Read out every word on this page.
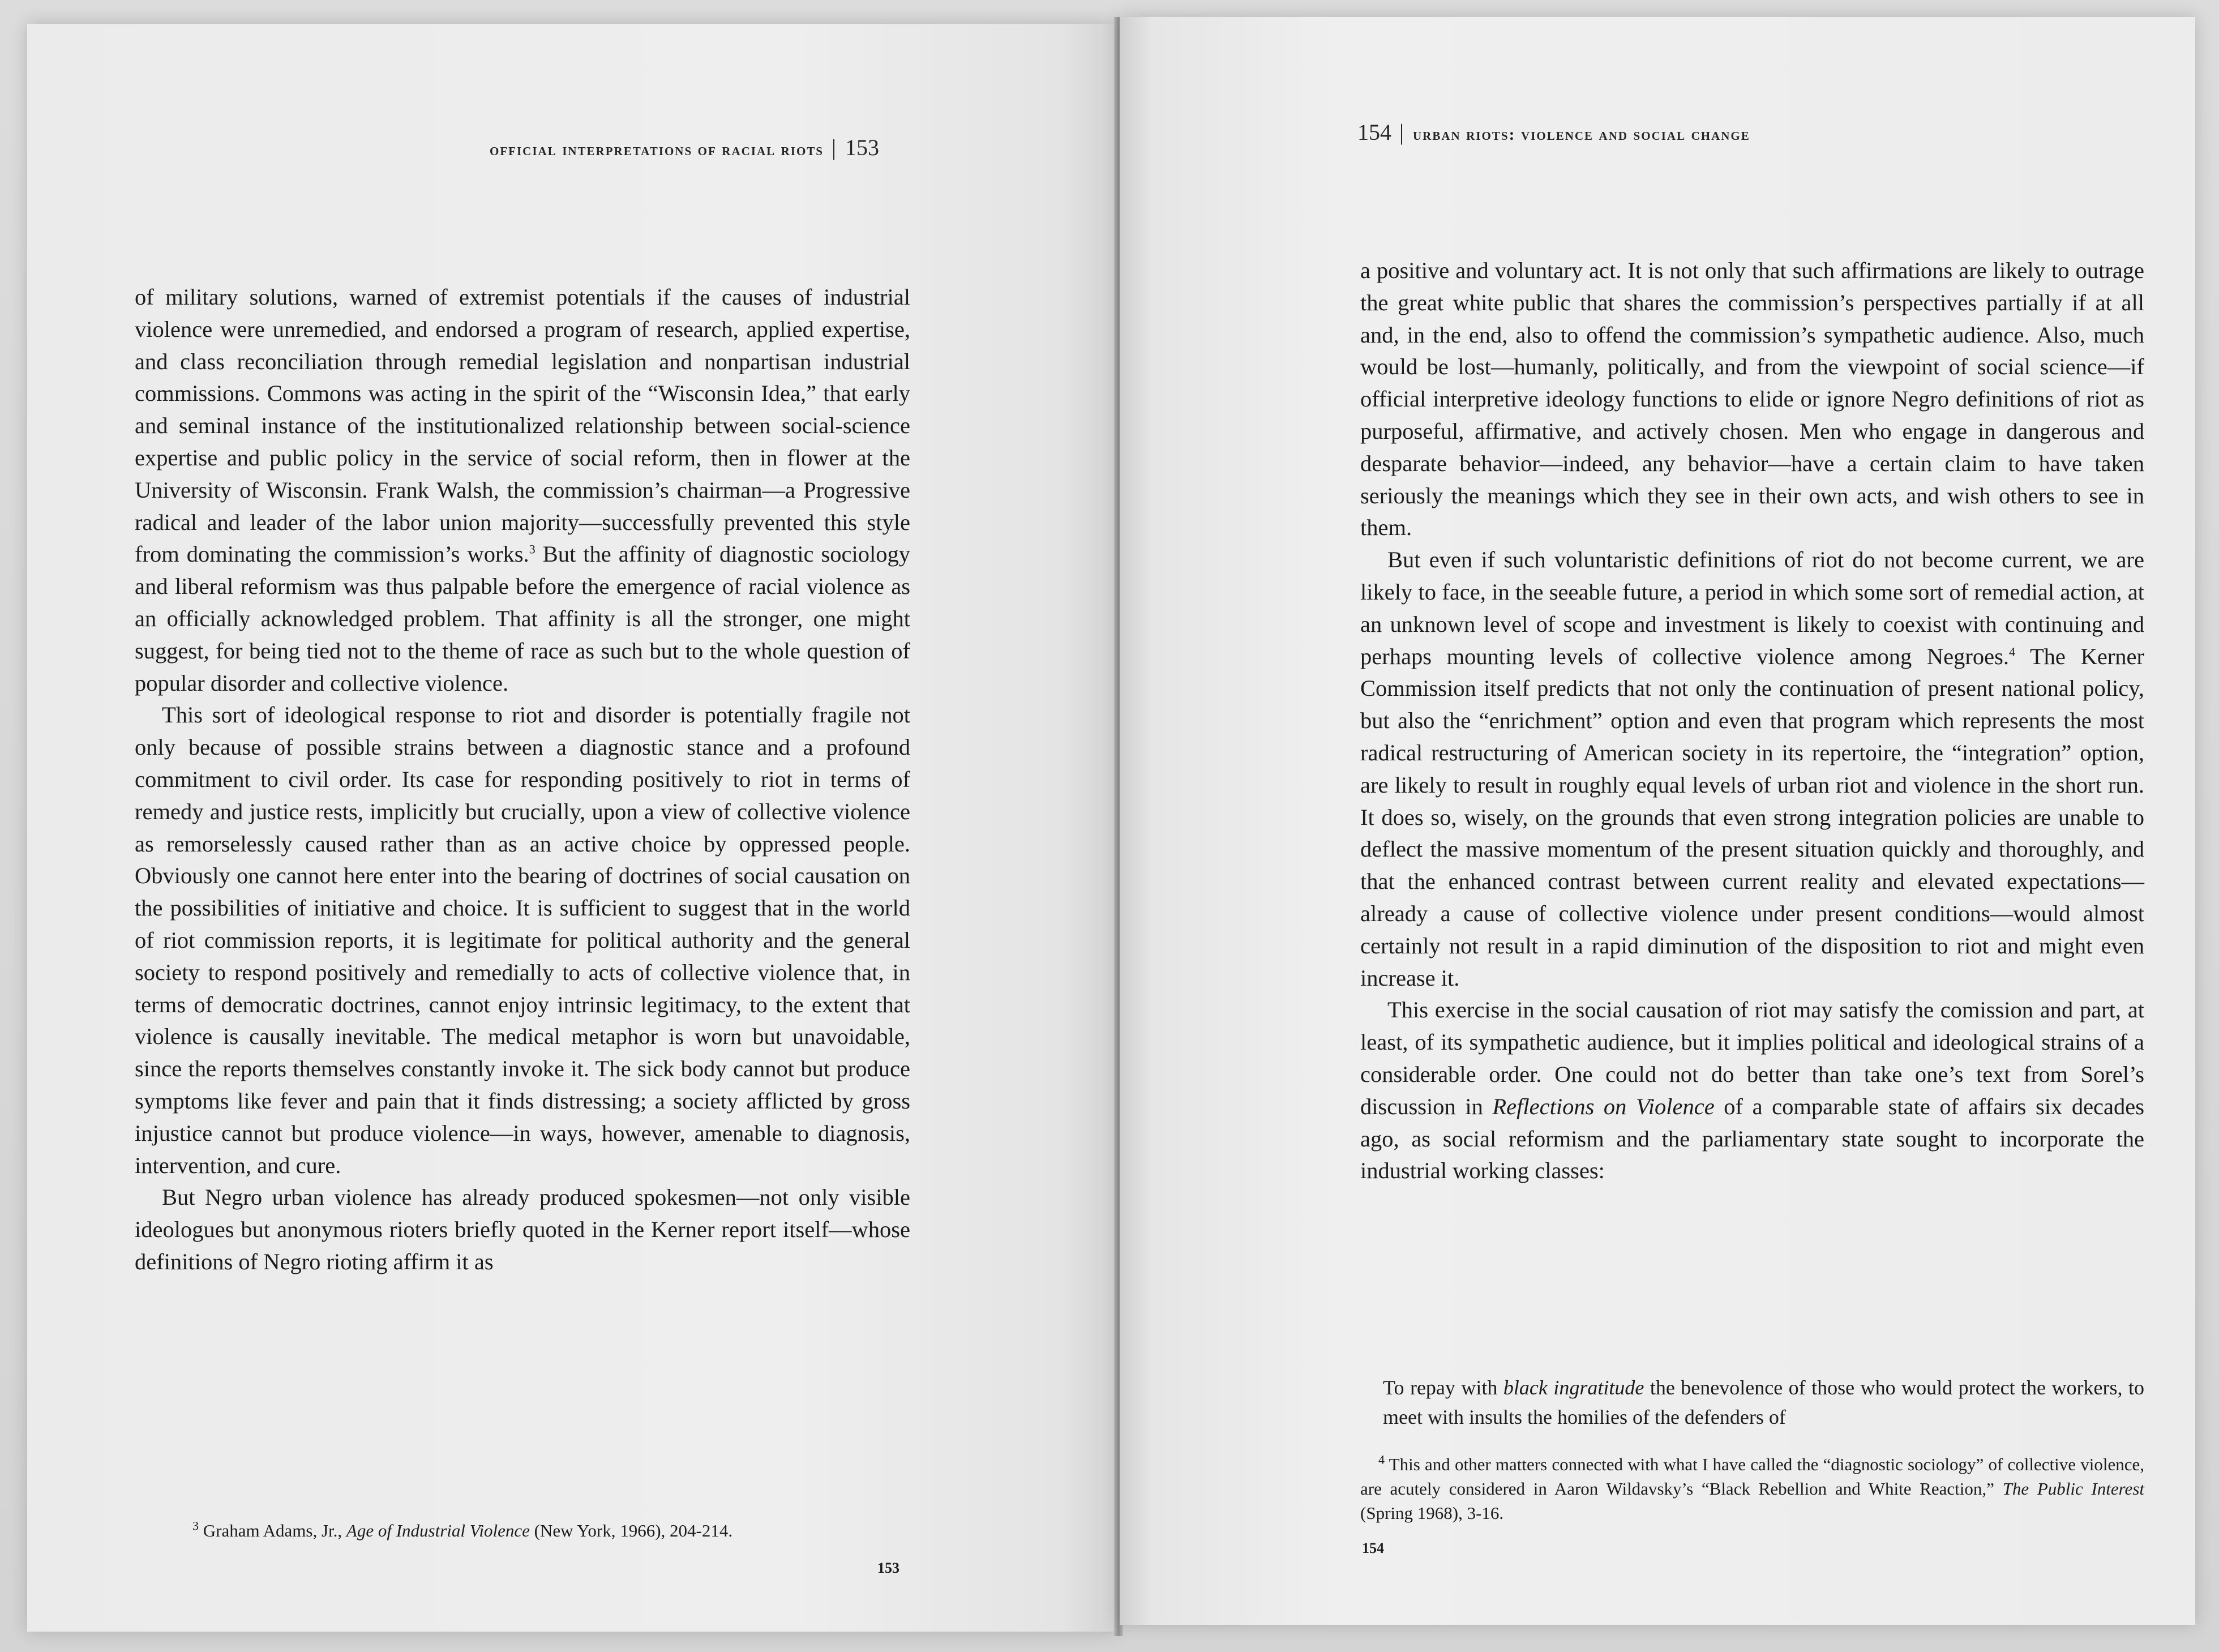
official interpretations of racial riots | 153

of military solutions, warned of extremist potentials if the causes of industrial violence were unremedied, and endorsed a program of research, applied expertise, and class reconciliation through remedial legislation and nonpartisan industrial commissions. Commons was acting in the spirit of the “Wisconsin Idea,” that early and seminal instance of the institutionalized relationship between social-science expertise and public policy in the service of social reform, then in flower at the University of Wisconsin. Frank Walsh, the commission’s chairman—a Progressive radical and leader of the labor union majority—successfully prevented this style from dominating the commission’s works.$^3$ But the affinity of diagnostic sociology and liberal reformism was thus palpable before the emergence of racial violence as an officially acknowledged problem. That affinity is all the stronger, one might suggest, for being tied not to the theme of race as such but to the whole question of popular disorder and collective violence.

This sort of ideological response to riot and disorder is potentially fragile not only because of possible strains between a diagnostic stance and a profound commitment to civil order. Its case for responding positively to riot in terms of remedy and justice rests, implicitly but crucially, upon a view of collective violence as remorselessly caused rather than as an active choice by oppressed people. Obviously one cannot here enter into the bearing of doctrines of social causation on the possibilities of initiative and choice. It is sufficient to suggest that in the world of riot commission reports, it is legitimate for political authority and the general society to respond positively and remedially to acts of collective violence that, in terms of democratic doctrines, cannot enjoy intrinsic legitimacy, to the extent that violence is causally inevitable. The medical metaphor is worn but unavoidable, since the reports themselves constantly invoke it. The sick body cannot but produce symptoms like fever and pain that it finds distressing; a society afflicted by gross injustice cannot but produce violence—in ways, however, amenable to diagnosis, intervention, and cure.

But Negro urban violence has already produced spokesmen—not only visible ideologues but anonymous rioters briefly quoted in the Kerner report itself—whose definitions of Negro rioting affirm it as

$^3$ Graham Adams, Jr., Age of Industrial Violence (New York, 1966), 204-214.

153
154 | urban riots: violence and social change

a positive and voluntary act. It is not only that such affirmations are likely to outrage the great white public that shares the commission’s perspectives partially if at all and, in the end, also to offend the commission’s sympathetic audience. Also, much would be lost—humanly, politically, and from the viewpoint of social science—if official interpretive ideology functions to elide or ignore Negro definitions of riot as purposeful, affirmative, and actively chosen. Men who engage in dangerous and desparate behavior—indeed, any behavior—have a certain claim to have taken seriously the meanings which they see in their own acts, and wish others to see in them.

But even if such voluntaristic definitions of riot do not become current, we are likely to face, in the seeable future, a period in which some sort of remedial action, at an unknown level of scope and investment is likely to coexist with continuing and perhaps mounting levels of collective violence among Negroes.$^4$ The Kerner Commission itself predicts that not only the continuation of present national policy, but also the “enrichment” option and even that program which represents the most radical restructuring of American society in its repertoire, the “integration” option, are likely to result in roughly equal levels of urban riot and violence in the short run. It does so, wisely, on the grounds that even strong integration policies are unable to deflect the massive momentum of the present situation quickly and thoroughly, and that the enhanced contrast between current reality and elevated expectations—already a cause of collective violence under present conditions—would almost certainly not result in a rapid diminution of the disposition to riot and might even increase it.

This exercise in the social causation of riot may satisfy the comission and part, at least, of its sympathetic audience, but it implies political and ideological strains of a considerable order. One could not do better than take one’s text from Sorel’s discussion in Reflections on Violence of a comparable state of affairs six decades ago, as social reformism and the parliamentary state sought to incorporate the industrial working classes:

To repay with black ingratitude the benevolence of those who would protect the workers, to meet with insults the homilies of the defenders of

$^4$ This and other matters connected with what I have called the “diagnostic sociology” of collective violence, are acutely considered in Aaron Wildavsky’s “Black Rebellion and White Reaction,” The Public Interest (Spring 1968), 3-16.

154
